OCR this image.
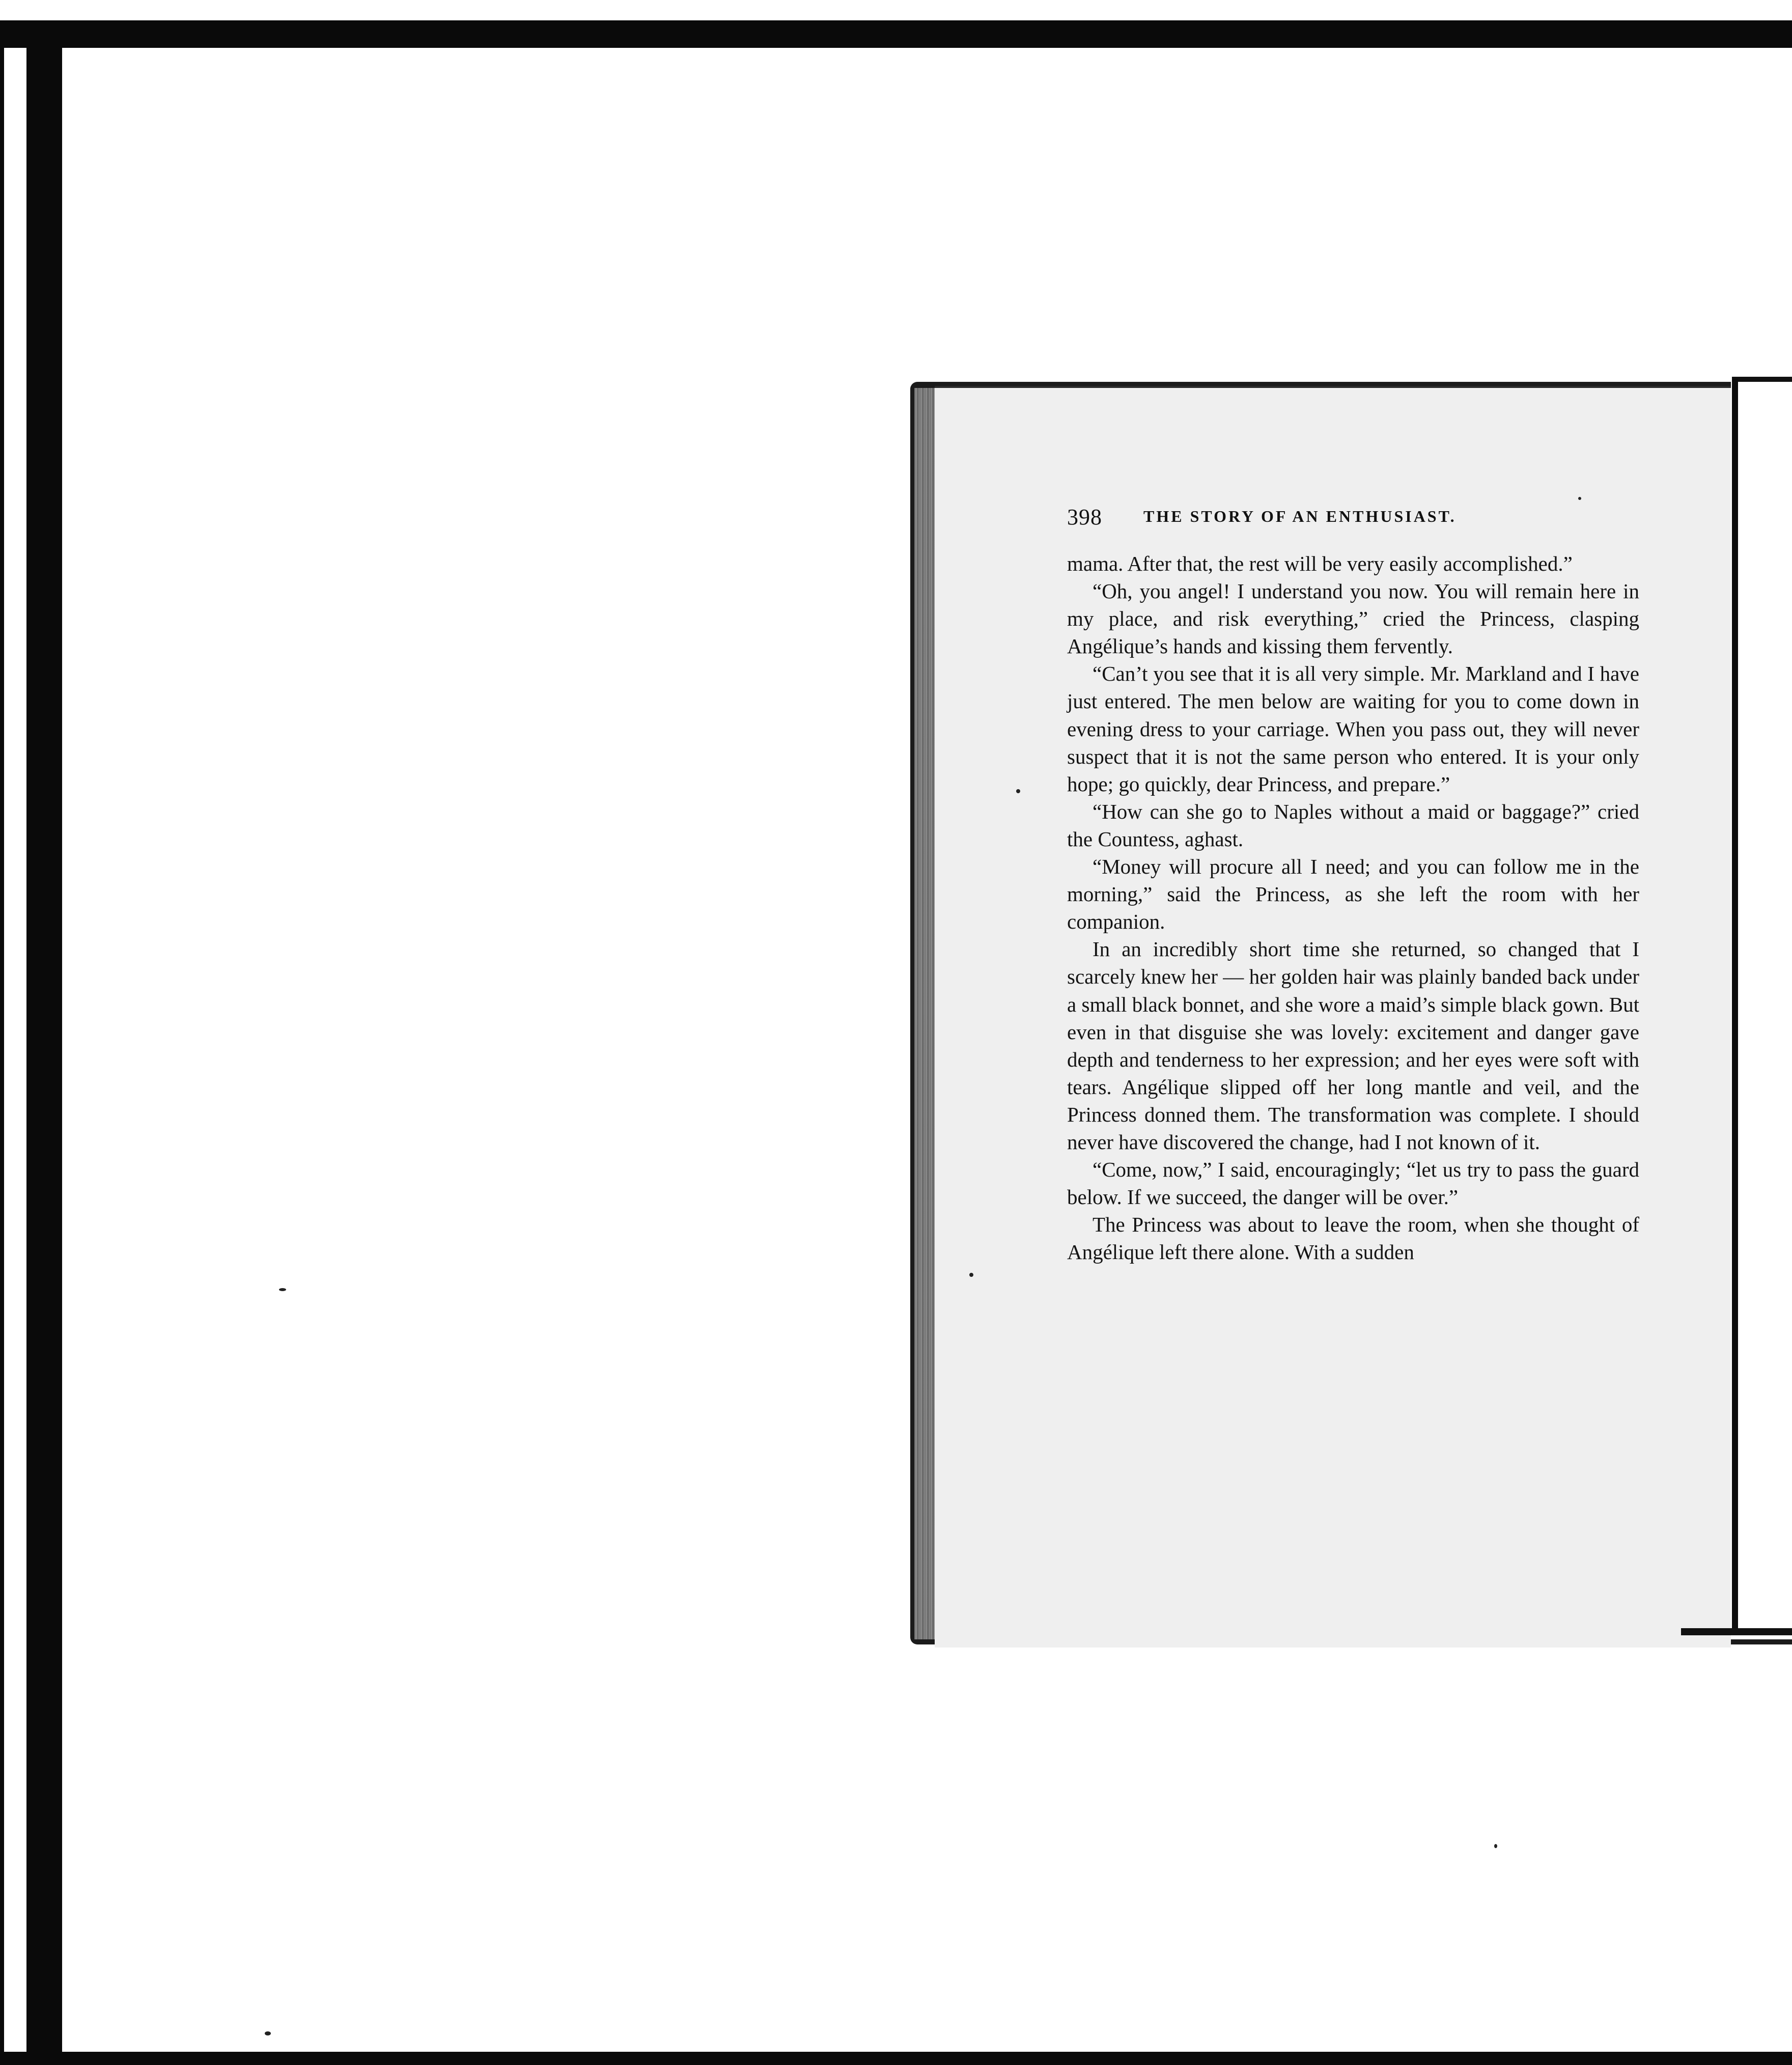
398	THE STORY OF AN ENTHUSIAST.

mama. After that, the rest will be very easily accomplished.”

“Oh, you angel! I understand you now. You will remain here in my place, and risk everything,” cried the Princess, clasping Angélique’s hands and kissing them fervently.

“Can’t you see that it is all very simple. Mr. Markland and I have just entered. The men below are waiting for you to come down in evening dress to your carriage. When you pass out, they will never suspect that it is not the same person who entered. It is your only hope; go quickly, dear Princess, and prepare.”

“How can she go to Naples without a maid or baggage?” cried the Countess, aghast.

“Money will procure all I need; and you can follow me in the morning,” said the Princess, as she left the room with her companion.

In an incredibly short time she returned, so changed that I scarcely knew her — her golden hair was plainly banded back under a small black bonnet, and she wore a maid’s simple black gown. But even in that disguise she was lovely: excitement and danger gave depth and tenderness to her expression; and her eyes were soft with tears. Angélique slipped off her long mantle and veil, and the Princess donned them. The transformation was complete. I should never have discovered the change, had I not known of it.

“Come, now,” I said, encouragingly; “let us try to pass the guard below. If we succeed, the danger will be over.”

The Princess was about to leave the room, when she thought of Angélique left there alone. With a sudden
